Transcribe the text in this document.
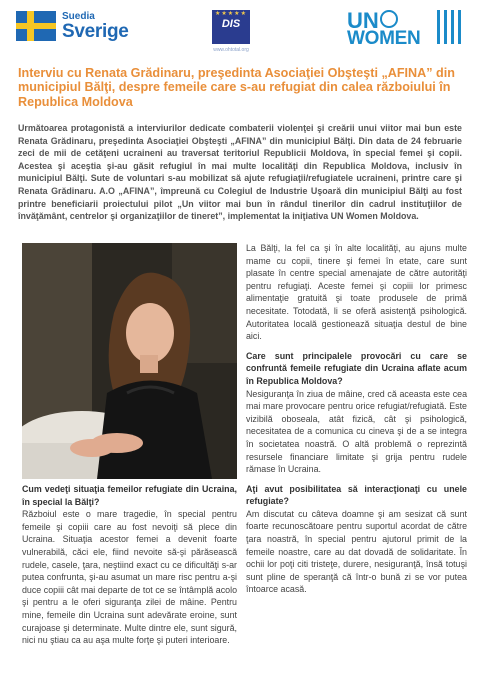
Suedia
Sverige
★★★★★
DIS
www.ohtotal.org
UN
WOMEN
Interviu cu Renata Grădinaru, preşedinta Asociaţiei Obşteşti „AFINA” din municipiul Bălţi, despre femeile care s-au refugiat din calea războiului în Republica Moldova

Următoarea protagonistă a interviurilor dedicate combaterii violenţei şi creării unui viitor mai bun este Renata Grădinaru, preşedinta Asociaţiei Obşteşti „AFINA” din municipiul Bălţi. Din data de 24 februarie zeci de mii de cetăţeni ucraineni au traversat teritoriul Republicii Moldova, în special femei şi copii. Acestea şi aceştia şi-au găsit refugiul în mai multe localităţi din Republica Moldova, inclusiv în municipiul Bălţi. Sute de voluntari s-au mobilizat să ajute refugiaţii/refugiatele ucraineni, printre care şi Renata Grădinaru. A.O „AFINA”, împreună cu Colegiul de Industrie Uşoară din municipiul Bălţi au fost printre beneficiarii proiectului pilot „Un viitor mai bun în rândul tinerilor din cadrul instituţiilor de învăţământ, centrelor şi organizaţiilor de tineret”, implementat la iniţiativa UN Women Moldova.

Cum vedeţi situaţia femeilor refugiate din Ucraina, în special la Bălţi?

Războiul este o mare tragedie, în special pentru femeile şi copiii care au fost nevoiţi să plece din Ucraina. Situaţia acestor femei a devenit foarte vulnerabilă, căci ele, fiind nevoite să-şi părăsească rudele, casele, ţara, neştiind exact cu ce dificultăţi s-ar putea confrunta, şi-au asumat un mare risc pentru a-şi duce copiii cât mai departe de tot ce se întâmplă acolo şi pentru a le oferi siguranţa zilei de mâine. Pentru mine, femeile din Ucraina sunt adevărate eroine, sunt curajoase şi determinate. Multe dintre ele, sunt sigură, nici nu ştiau ca au aşa multe forţe şi puteri interioare.

La Bălţi, la fel ca şi în alte localităţi, au ajuns multe mame cu copii, tinere şi femei în etate, care sunt plasate în centre special amenajate de către autorităţi pentru refugiaţi. Aceste femei şi copiii lor primesc alimentaţie gratuită şi toate produsele de primă necesitate. Totodată, li se oferă asistenţă psihologică. Autoritatea locală gestionează situaţia destul de bine aici.

Care sunt principalele provocări cu care se confruntă femeile refugiate din Ucraina aflate acum în Republica Moldova?

Nesiguranţa în ziua de mâine, cred că aceasta este cea mai mare provocare pentru orice refugiat/refugiată. Este vizibilă oboseala, atât fizică, cât şi psihologică, necesitatea de a comunica cu cineva şi de a se integra în societatea noastră. O altă problemă o reprezintă resursele financiare limitate şi grija pentru rudele rămase în Ucraina.

Aţi avut posibilitatea să interacţionaţi cu unele refugiate?

Am discutat cu câteva doamne şi am sesizat că sunt foarte recunoscătoare pentru suportul acordat de către ţara noastră, în special pentru ajutorul primit de la femeile noastre, care au dat dovadă de solidaritate. În ochii lor poţi citi tristeţe, durere, nesiguranţă, însă totuşi sunt pline de speranţă că într-o bună zi se vor putea întoarce acasă.
